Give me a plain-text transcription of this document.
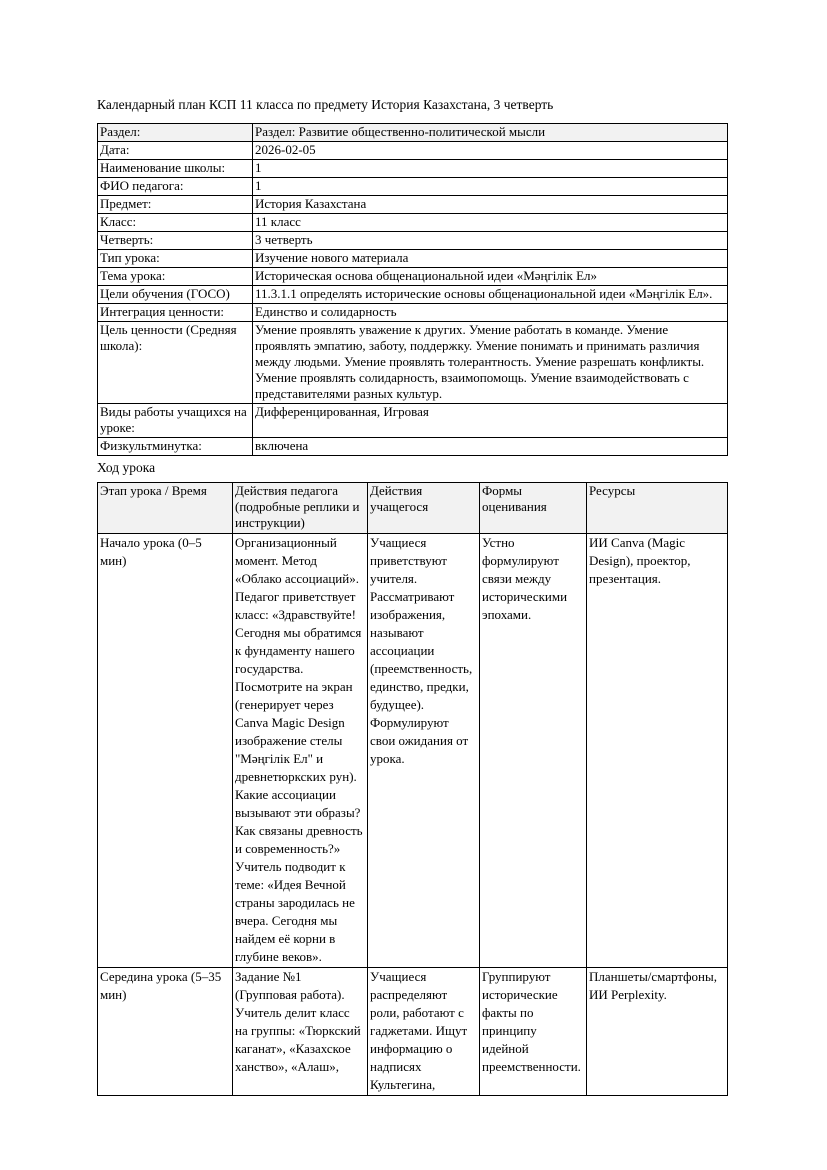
Календарный план КСП 11 класса по предмету История Казахстана, 3 четверть

Раздел:	Раздел: Развитие общественно-политической мысли
Дата:	2026-02-05
Наименование школы:	1
ФИО педагога:	1
Предмет:	История Казахстана
Класс:	11 класс
Четверть:	3 четверть
Тип урока:	Изучение нового материала
Тема урока:	Историческая основа общенациональной идеи «Мәңгілік Ел»
Цели обучения (ГОСО)	11.3.1.1 определять исторические основы общенациональной идеи «Мәңгілік Ел».
Интеграция ценности:	Единство и солидарность
Цель ценности (Средняя школа):	Умение проявлять уважение к других. Умение работать в команде. Умение проявлять эмпатию, заботу, поддержку. Умение понимать и принимать различия между людьми. Умение проявлять толерантность. Умение разрешать конфликты. Умение проявлять солидарность, взаимопомощь. Умение взаимодействовать с представителями разных культур.
Виды работы учащихся на уроке:	Дифференцированная, Игровая
Физкультминутка:	включена

Ход урока

Этап урока / Время	Действия педагога (подробные реплики и инструкции)	Действия учащегося	Формы оценивания	Ресурсы
Начало урока (0–5 мин)	Организационный момент. Метод «Облако ассоциаций». Педагог приветствует класс: «Здравствуйте! Сегодня мы обратимся к фундаменту нашего государства. Посмотрите на экран (генерирует через Canva Magic Design изображение стелы "Мәңгілік Ел" и древнетюркских рун). Какие ассоциации вызывают эти образы? Как связаны древность и современность?» Учитель подводит к теме: «Идея Вечной страны зародилась не вчера. Сегодня мы найдем её корни в глубине веков».	Учащиеся приветствуют учителя. Рассматривают изображения, называют ассоциации (преемственность, единство, предки, будущее). Формулируют свои ожидания от урока.	Устно формулируют связи между историческими эпохами.	ИИ Canva (Magic Design), проектор, презентация.
Середина урока (5–35 мин)	Задание №1 (Групповая работа). Учитель делит класс на группы: «Тюркский каганат», «Казахское ханство», «Алаш»,	Учащиеся распределяют роли, работают с гаджетами. Ищут информацию о надписях Культегина,	Группируют исторические факты по принципу идейной преемственности.	Планшеты/смартфоны, ИИ Perplexity.
